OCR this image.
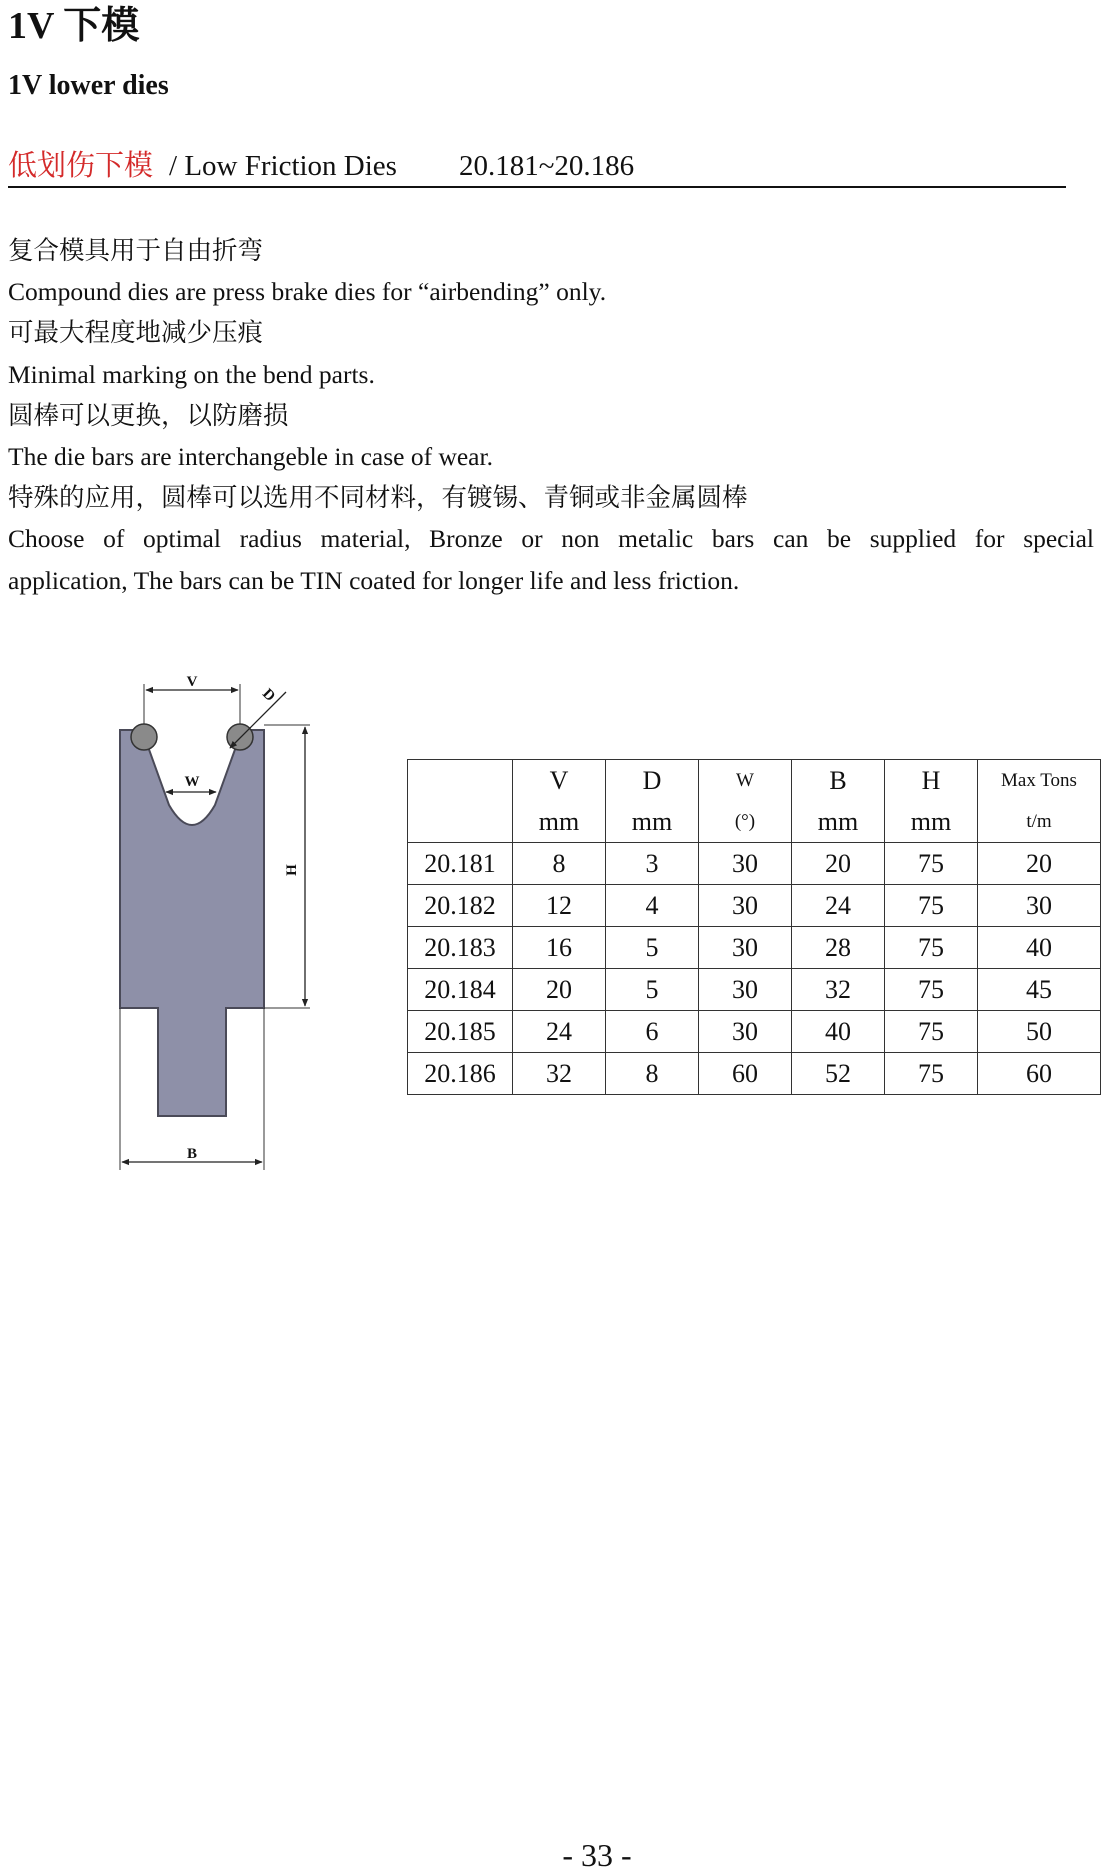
1V 下模
1V lower dies
低划伤下模 / Low Friction Dies 20.181~20.186

复合模具用于自由折弯

Compound dies are press brake dies for “airbending” only.

可最大程度地减少压痕

Minimal marking on the bend parts.

圆棒可以更换，以防磨损

The die bars are interchangeble in case of wear.

特殊的应用，圆棒可以选用不同材料，有镀锡、青铜或非金属圆棒

Choose of optimal radius material, Bronze or non metalic bars can be supplied for special

application, The bars can be TIN coated for longer life and less friction.

V
W
D
H
B
	V	D	W	B	H	Max Tons
	mm	mm	(°)	mm	mm	t/m
20.181	8	3	30	20	75	20
20.182	12	4	30	24	75	30
20.183	16	5	30	28	75	40
20.184	20	5	30	32	75	45
20.185	24	6	30	40	75	50
20.186	32	8	60	52	75	60
- 33 -
